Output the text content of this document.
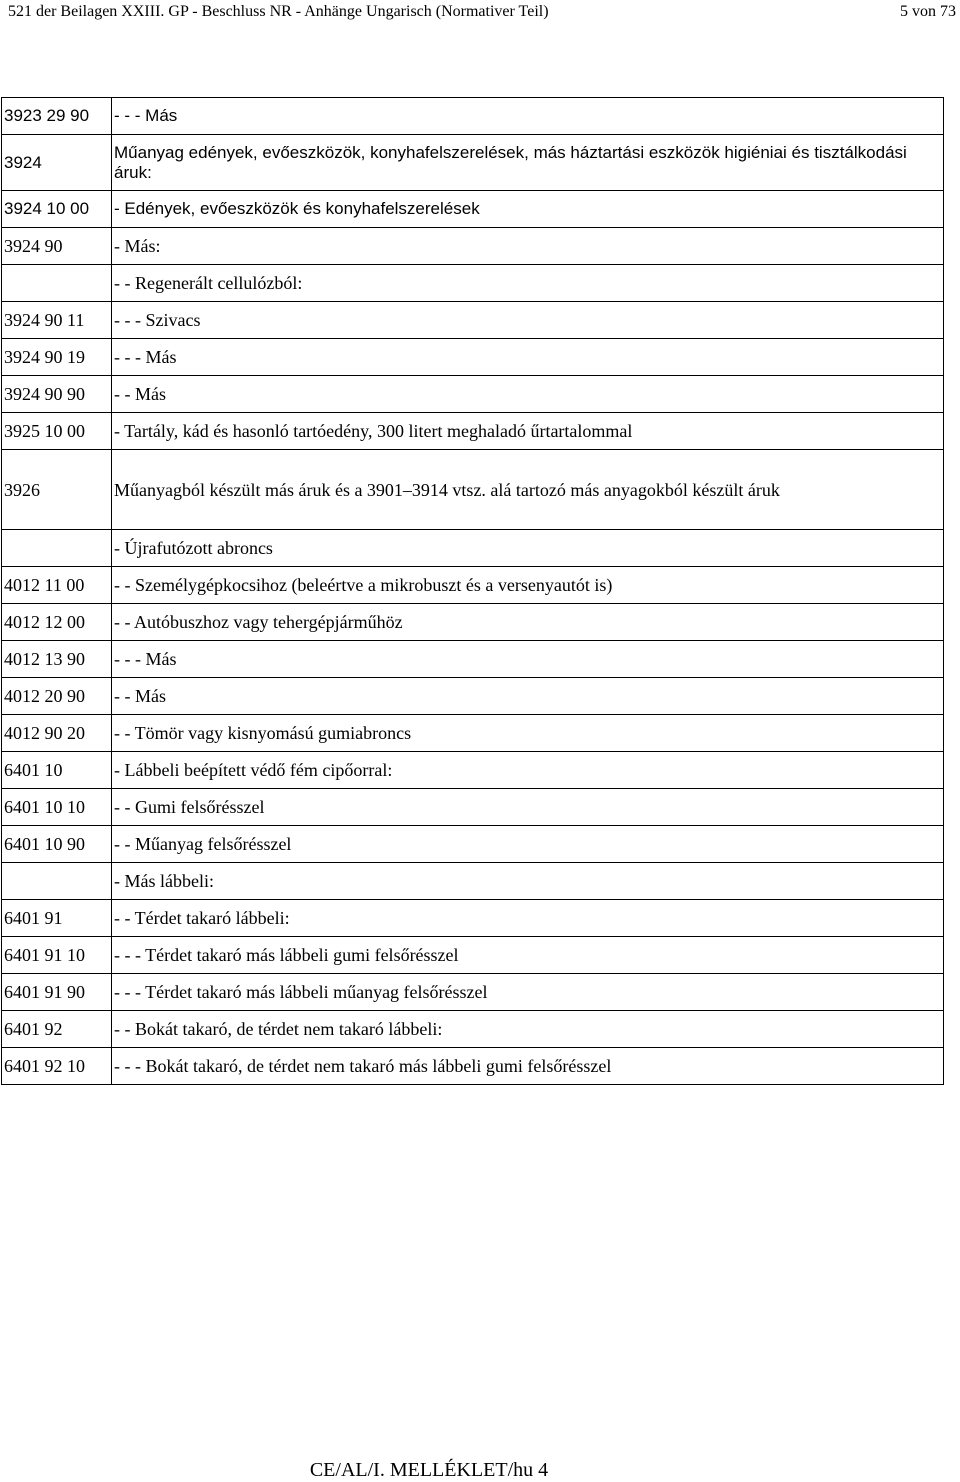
521 der Beilagen XXIII. GP - Beschluss NR - Anhänge Ungarisch (Normativer Teil)	5 von 73
3923 29 90	- - - Más
3924	Műanyag edények, evőeszközök, konyhafelszerelések, más háztartási eszközök higiéniai és tisztálkodási áruk:
3924 10 00	- Edények, evőeszközök és konyhafelszerelések
3924 90	- Más:
	- - Regenerált cellulózból:
3924 90 11	- - - Szivacs
3924 90 19	- - - Más
3924 90 90	- - Más
3925 10 00	- Tartály, kád és hasonló tartóedény, 300 litert meghaladó űrtartalommal
3926	Műanyagból készült más áruk és a 3901–3914 vtsz. alá tartozó más anyagokból készült áruk
	- Újrafutózott abroncs
4012 11 00	- - Személygépkocsihoz (beleértve a mikrobuszt és a versenyautót is)
4012 12 00	- - Autóbuszhoz vagy tehergépjárműhöz
4012 13 90	- - - Más
4012 20 90	- - Más
4012 90 20	- - Tömör vagy kisnyomású gumiabroncs
6401 10	- Lábbeli beépített védő fém cipőorral:
6401 10 10	- - Gumi felsőrésszel
6401 10 90	- - Műanyag felsőrésszel
	- Más lábbeli:
6401 91	- - Térdet takaró lábbeli:
6401 91 10	- - - Térdet takaró más lábbeli gumi felsőrésszel
6401 91 90	- - - Térdet takaró más lábbeli műanyag felsőrésszel
6401 92	- - Bokát takaró, de térdet nem takaró lábbeli:
6401 92 10	- - - Bokát takaró, de térdet nem takaró más lábbeli gumi felsőrésszel
CE/AL/I. MELLÉKLET/hu 4
